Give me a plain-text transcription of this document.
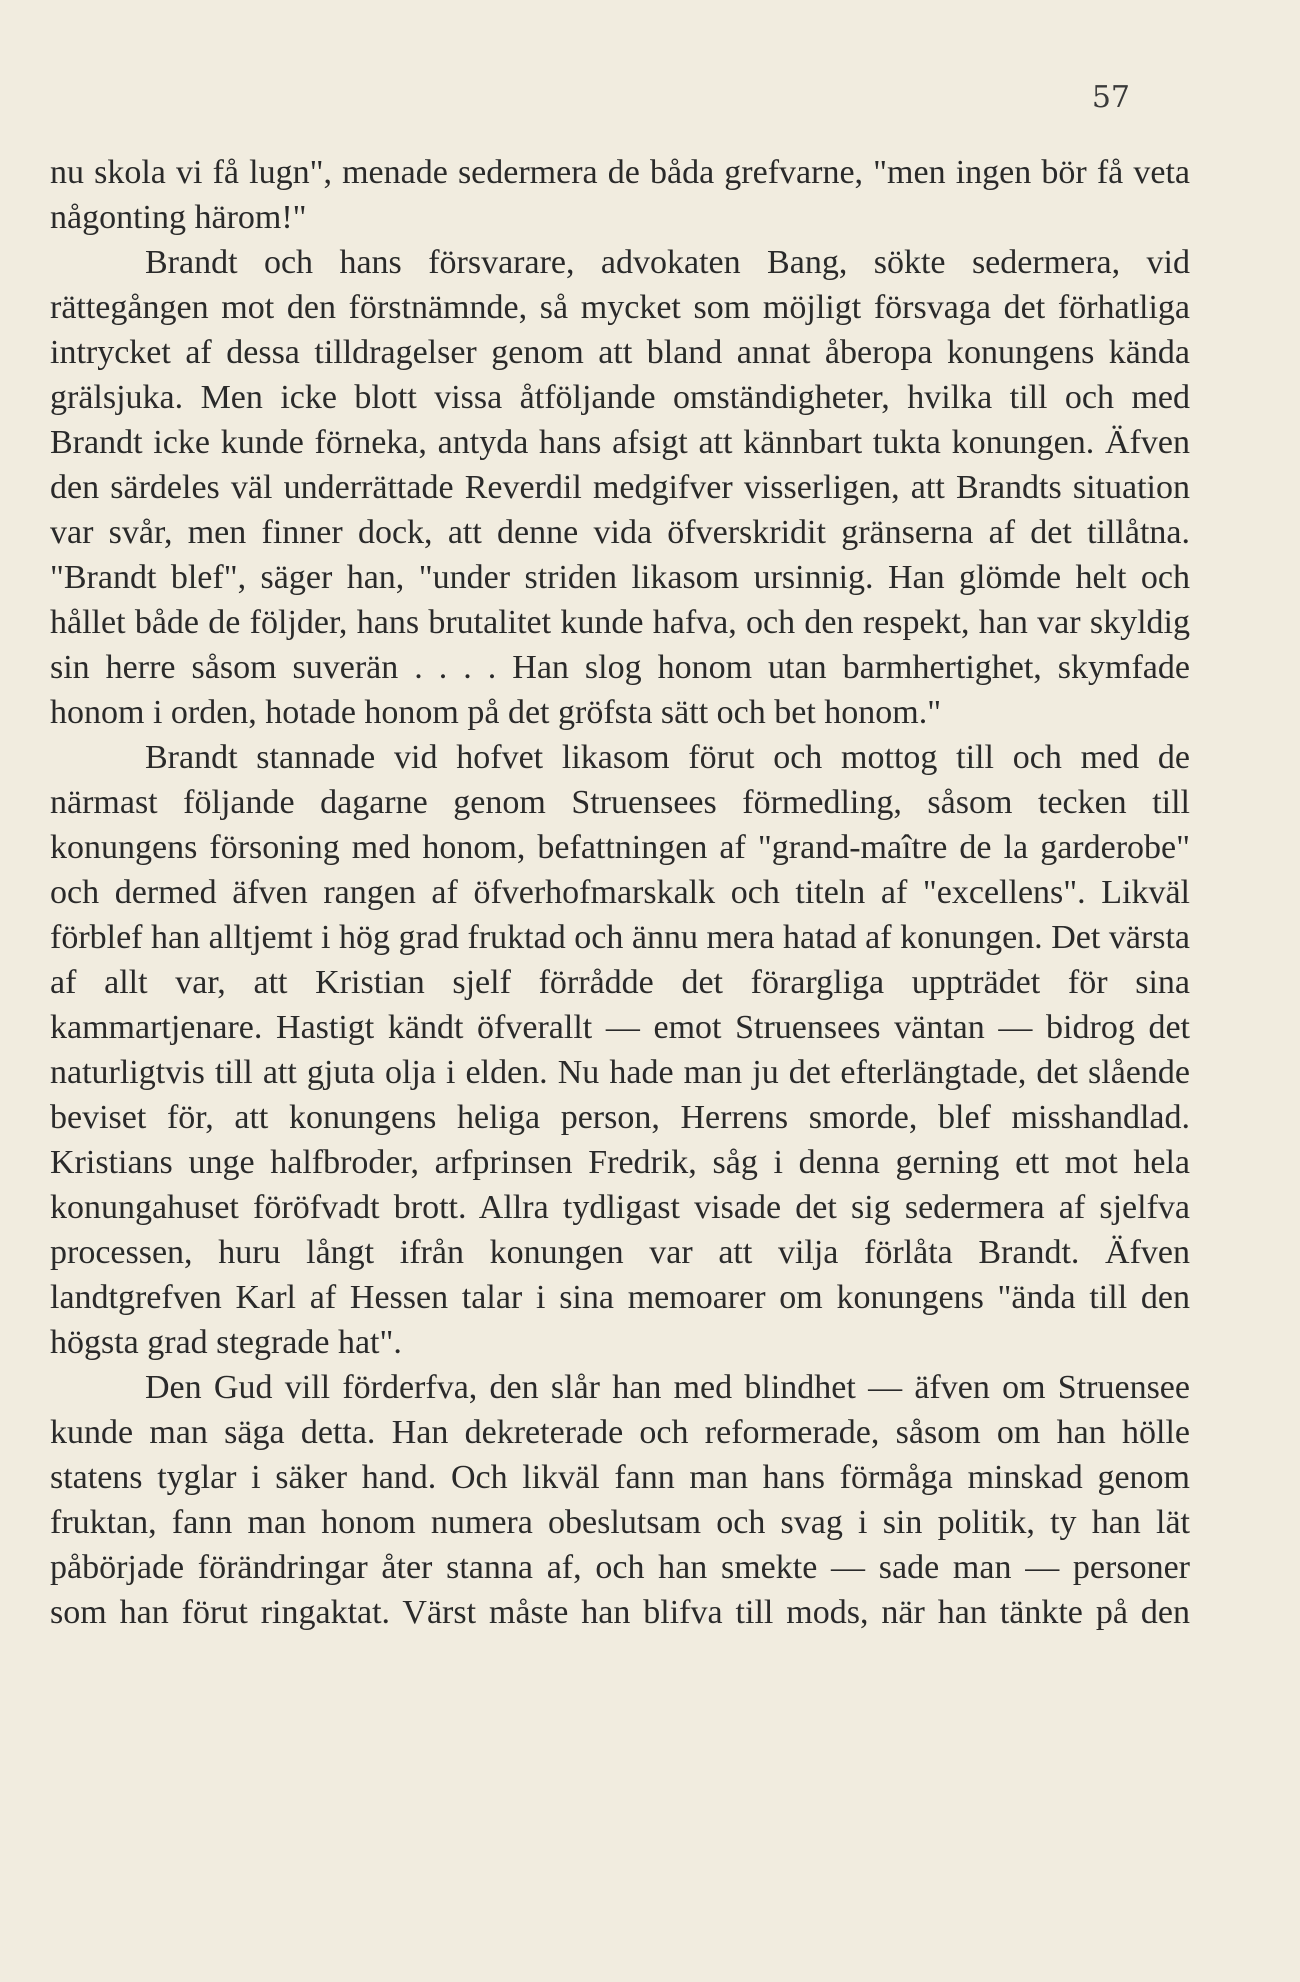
57

nu skola vi få lugn", menade sedermera de båda grefvarne, "men ingen bör få veta någonting härom!"

Brandt och hans försvarare, advokaten Bang, sökte sedermera, vid rättegången mot den förstnämnde, så mycket som möjligt försvaga det förhatliga intrycket af dessa tilldragelser genom att bland annat åberopa konungens kända grälsjuka. Men icke blott vissa åtföljande omständigheter, hvilka till och med Brandt icke kunde förneka, antyda hans afsigt att kännbart tukta konungen. Äfven den särdeles väl underrättade Reverdil medgifver visserligen, att Brandts situation var svår, men finner dock, att denne vida öfverskridit gränserna af det tillåtna. "Brandt blef", säger han, "under striden likasom ursinnig. Han glömde helt och hållet både de följder, hans brutalitet kunde hafva, och den respekt, han var skyldig sin herre såsom suverän . . . . Han slog honom utan barmhertighet, skymfade honom i orden, hotade honom på det gröfsta sätt och bet honom."

Brandt stannade vid hofvet likasom förut och mottog till och med de närmast följande dagarne genom Struensees förmedling, såsom tecken till konungens försoning med honom, befattningen af "grand-maître de la garderobe" och dermed äfven rangen af öfverhofmarskalk och titeln af "excellens". Likväl förblef han alltjemt i hög grad fruktad och ännu mera hatad af konungen. Det värsta af allt var, att Kristian sjelf förrådde det förargliga uppträdet för sina kammartjenare. Hastigt kändt öfverallt — emot Struensees väntan — bidrog det naturligtvis till att gjuta olja i elden. Nu hade man ju det efterlängtade, det slående beviset för, att konungens heliga person, Herrens smorde, blef misshandlad. Kristians unge halfbroder, arfprinsen Fredrik, såg i denna gerning ett mot hela konungahuset föröfvadt brott. Allra tydligast visade det sig sedermera af sjelfva processen, huru långt ifrån konungen var att vilja förlåta Brandt. Äfven landtgrefven Karl af Hessen talar i sina memoarer om konungens "ända till den högsta grad stegrade hat".

Den Gud vill förderfva, den slår han med blindhet — äfven om Struensee kunde man säga detta. Han dekreterade och reformerade, såsom om han hölle statens tyglar i säker hand. Och likväl fann man hans förmåga minskad genom fruktan, fann man honom numera obeslutsam och svag i sin politik, ty han lät påbörjade förändringar åter stanna af, och han smekte — sade man — personer som han förut ringaktat. Värst måste han blifva till mods, när han tänkte på den
